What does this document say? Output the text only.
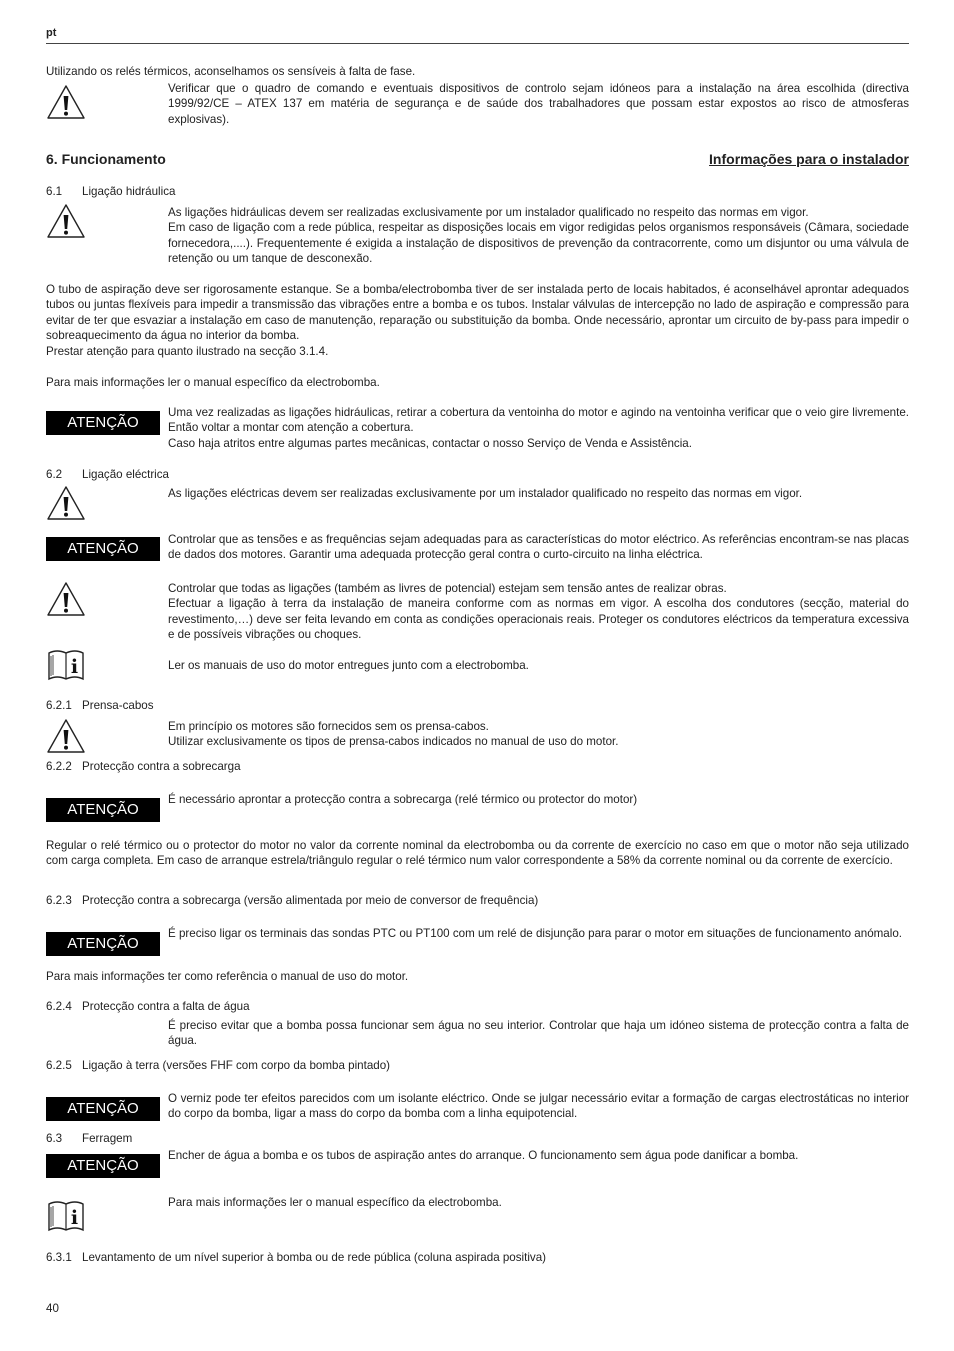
pt
Utilizando os relés térmicos, aconselhamos os sensíveis à falta de fase.
Verificar que o quadro de comando e eventuais dispositivos de controlo sejam idóneos para a instalação na área escolhida (directiva 1999/92/CE – ATEX 137 em matéria de segurança e de saúde dos trabalhadores que possam estar expostos ao risco de atmosferas explosivas).
6. Funcionamento	Informações para o instalador
6.1 Ligação hidráulica
As ligações hidráulicas devem ser realizadas exclusivamente por um instalador qualificado no respeito das normas em vigor.
Em caso de ligação com a rede pública, respeitar as disposições locais em vigor redigidas pelos organismos responsáveis (Câmara, sociedade fornecedora,....). Frequentemente é exigida a instalação de dispositivos de prevenção da contracorrente, como um disjuntor ou uma válvula de retenção ou um tanque de desconexão.
O tubo de aspiração deve ser rigorosamente estanque. Se a bomba/electrobomba tiver de ser instalada perto de locais habitados, é aconselhável aprontar adequados tubos ou juntas flexíveis para impedir a transmissão das vibrações entre a bomba e os tubos. Instalar válvulas de intercepção no lado de aspiração e compressão para evitar de ter que esvaziar a instalação em caso de manutenção, reparação ou substituição da bomba. Onde necessário, aprontar um circuito de by-pass para impedir o sobreaquecimento da água no interior da bomba.
Prestar atenção para quanto ilustrado na secção 3.1.4.
Para mais informações ler o manual específico da electrobomba.
ATENÇÃO
Uma vez realizadas as ligações hidráulicas, retirar a cobertura da ventoinha do motor e agindo na ventoinha verificar que o veio gire livremente. Então voltar a montar com atenção a cobertura.
Caso haja atritos entre algumas partes mecânicas, contactar o nosso Serviço de Venda e Assistência.
6.2 Ligação eléctrica
As ligações eléctricas devem ser realizadas exclusivamente por um instalador qualificado no respeito das normas em vigor.
ATENÇÃO
Controlar que as tensões e as frequências sejam adequadas para as características do motor eléctrico. As referências encontram-se nas placas de dados dos motores. Garantir uma adequada protecção geral contra o curto-circuito na linha eléctrica.
Controlar que todas as ligações (também as livres de potencial) estejam sem tensão antes de realizar obras.
Efectuar a ligação à terra da instalação de maneira conforme com as normas em vigor. A escolha dos condutores (secção, material do revestimento,…) deve ser feita levando em conta as condições operacionais reais. Proteger os condutores eléctricos da temperatura excessiva e de possíveis vibrações ou choques.
Ler os manuais de uso do motor entregues junto com a electrobomba.
6.2.1 Prensa-cabos
Em princípio os motores são fornecidos sem os prensa-cabos.
Utilizar exclusivamente os tipos de prensa-cabos indicados no manual de uso do motor.
6.2.2 Protecção contra a sobrecarga
ATENÇÃO
É necessário aprontar a protecção contra a sobrecarga (relé térmico ou protector do motor)
Regular o relé térmico ou o protector do motor no valor da corrente nominal da electrobomba ou da corrente de exercício no caso em que o motor não seja utilizado com carga completa. Em caso de arranque estrela/triângulo regular o relé térmico num valor correspondente a 58% da corrente nominal ou da corrente de exercício.
6.2.3 Protecção contra a sobrecarga (versão alimentada por meio de conversor de frequência)
ATENÇÃO
É preciso ligar os terminais das sondas PTC ou PT100 com um relé de disjunção para parar o motor em situações de funcionamento anómalo.
Para mais informações ter como referência o manual de uso do motor.
6.2.4 Protecção contra a falta de água
É preciso evitar que a bomba possa funcionar sem água no seu interior. Controlar que haja um idóneo sistema de protecção contra a falta de água.
6.2.5 Ligação à terra (versões FHF com corpo da bomba pintado)
ATENÇÃO
O verniz pode ter efeitos parecidos com um isolante eléctrico. Onde se julgar necessário evitar a formação de cargas electrostáticas no interior do corpo da bomba, ligar a mass do corpo da bomba com a linha equipotencial.
6.3 Ferragem
ATENÇÃO
Encher de água a bomba e os tubos de aspiração antes do arranque. O funcionamento sem água pode danificar a bomba.
Para mais informações ler o manual específico da electrobomba.
6.3.1 Levantamento de um nível superior à bomba ou de rede pública (coluna aspirada positiva)
40
